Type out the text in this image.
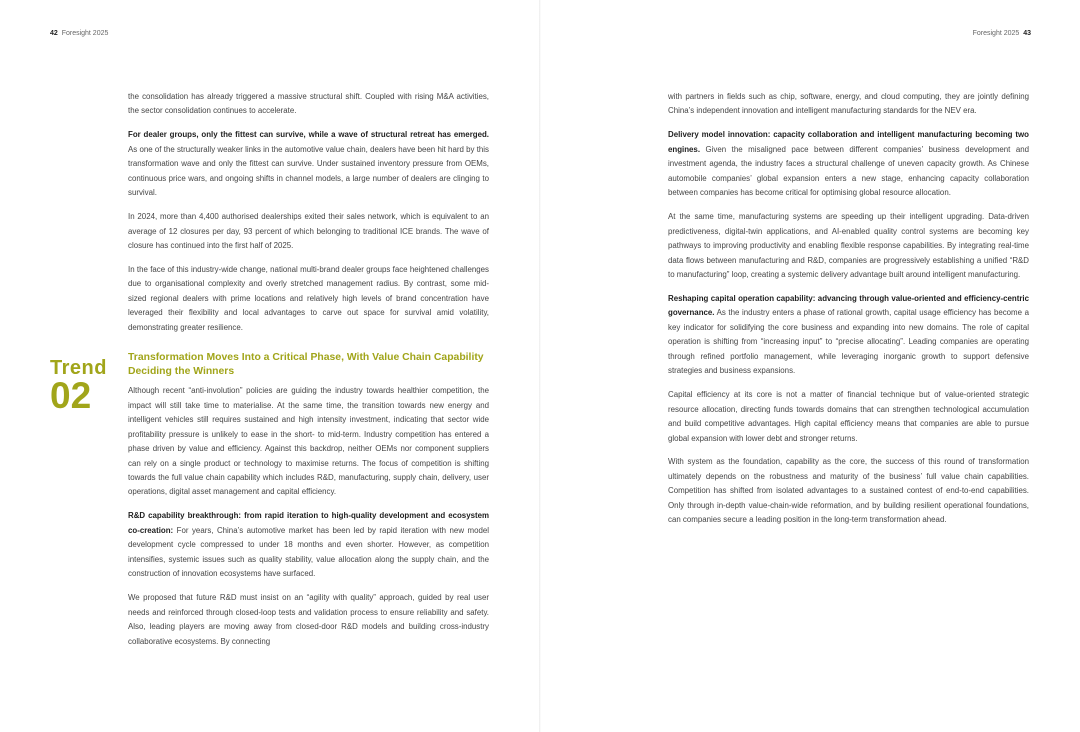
42 Foresight 2025	Foresight 2025 43

the consolidation has already triggered a massive structural shift. Coupled with rising M&A activities, the sector consolidation continues to accelerate.

For dealer groups, only the fittest can survive, while a wave of structural retreat has emerged. As one of the structurally weaker links in the automotive value chain, dealers have been hit hard by this transformation wave and only the fittest can survive. Under sustained inventory pressure from OEMs, continuous price wars, and ongoing shifts in channel models, a large number of dealers are clinging to survival.

In 2024, more than 4,400 authorised dealerships exited their sales network, which is equivalent to an average of 12 closures per day, 93 percent of which belonging to traditional ICE brands. The wave of closure has continued into the first half of 2025.

In the face of this industry-wide change, national multi-brand dealer groups face heightened challenges due to organisational complexity and overly stretched management radius. By contrast, some mid-sized regional dealers with prime locations and relatively high levels of brand concentration have leveraged their flexibility and local advantages to carve out space for survival amid volatility, demonstrating greater resilience.

Transformation Moves Into a Critical Phase, With Value Chain Capability Deciding the Winners

Although recent “anti-involution” policies are guiding the industry towards healthier competition, the impact will still take time to materialise. At the same time, the transition towards new energy and intelligent vehicles still requires sustained and high intensity investment, indicating that sector wide profitability pressure is unlikely to ease in the short- to mid-term. Industry competition has entered a phase driven by value and efficiency. Against this backdrop, neither OEMs nor component suppliers can rely on a single product or technology to maximise returns. The focus of competition is shifting towards the full value chain capability which includes R&D, manufacturing, supply chain, delivery, user operations, digital asset management and capital efficiency.

R&D capability breakthrough: from rapid iteration to high-quality development and ecosystem co-creation: For years, China’s automotive market has been led by rapid iteration with new model development cycle compressed to under 18 months and even shorter. However, as competition intensifies, systemic issues such as quality stability, value allocation along the supply chain, and the construction of innovation ecosystems have surfaced.

We proposed that future R&D must insist on an “agility with quality” approach, guided by real user needs and reinforced through closed-loop tests and validation process to ensure reliability and safety. Also, leading players are moving away from closed-door R&D models and building cross-industry collaborative ecosystems. By connecting

Trend
02

with partners in fields such as chip, software, energy, and cloud computing, they are jointly defining China’s independent innovation and intelligent manufacturing standards for the NEV era.

Delivery model innovation: capacity collaboration and intelligent manufacturing becoming two engines. Given the misaligned pace between different companies’ business development and investment agenda, the industry faces a structural challenge of uneven capacity growth. As Chinese automobile companies’ global expansion enters a new stage, enhancing capacity collaboration between companies has become critical for optimising global resource allocation.

At the same time, manufacturing systems are speeding up their intelligent upgrading. Data-driven predictiveness, digital-twin applications, and AI-enabled quality control systems are becoming key pathways to improving productivity and enabling flexible response capabilities. By integrating real-time data flows between manufacturing and R&D, companies are progressively establishing a unified “R&D to manufacturing” loop, creating a systemic delivery advantage built around intelligent manufacturing.

Reshaping capital operation capability: advancing through value-oriented and efficiency-centric governance. As the industry enters a phase of rational growth, capital usage efficiency has become a key indicator for solidifying the core business and expanding into new domains. The role of capital operation is shifting from “increasing input” to “precise allocating”. Leading companies are operating through refined portfolio management, while leveraging inorganic growth to support defensive strategies and business expansions.

Capital efficiency at its core is not a matter of financial technique but of value-oriented strategic resource allocation, directing funds towards domains that can strengthen technological accumulation and build competitive advantages. High capital efficiency means that companies are able to pursue global expansion with lower debt and stronger returns.

With system as the foundation, capability as the core, the success of this round of transformation ultimately depends on the robustness and maturity of the business’ full value chain capabilities. Competition has shifted from isolated advantages to a sustained contest of end-to-end capabilities. Only through in-depth value-chain-wide reformation, and by building resilient operational foundations, can companies secure a leading position in the long-term transformation ahead.
